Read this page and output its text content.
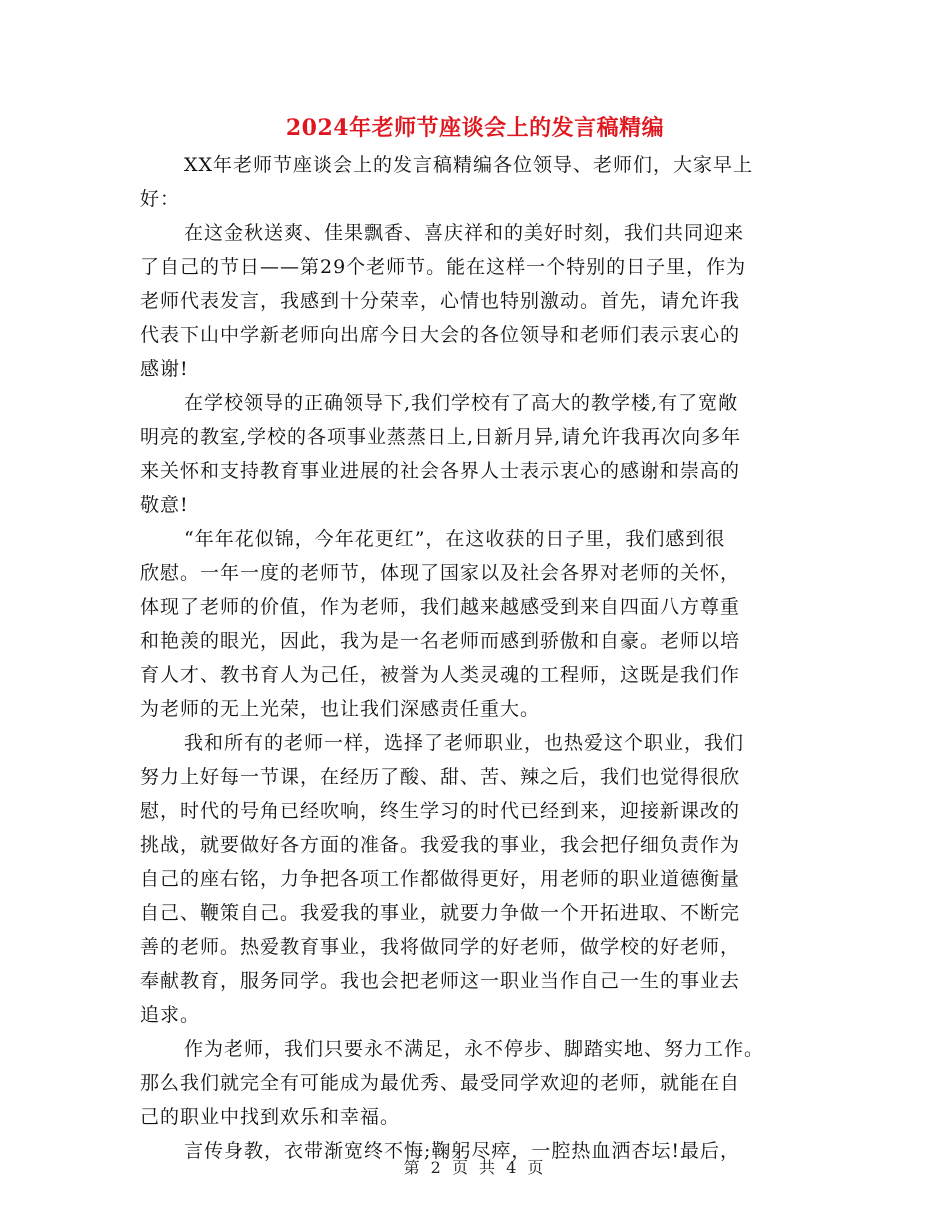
2024年老师节座谈会上的发言稿精编

XX年老师节座谈会上的发言稿精编各位领导、老师们，大家早上
好：

在这金秋送爽、佳果飘香、喜庆祥和的美好时刻，我们共同迎来
了自己的节日——第29个老师节。能在这样一个特别的日子里，作为
老师代表发言，我感到十分荣幸，心情也特别激动。首先，请允许我
代表下山中学新老师向出席今日大会的各位领导和老师们表示衷心的
感谢!

在学校领导的正确领导下,我们学校有了高大的教学楼,有了宽敞
明亮的教室,学校的各项事业蒸蒸日上,日新月异,请允许我再次向多年
来关怀和支持教育事业进展的社会各界人士表示衷心的感谢和崇高的
敬意!

“年年花似锦，今年花更红”，在这收获的日子里，我们感到很
欣慰。一年一度的老师节，体现了国家以及社会各界对老师的关怀，
体现了老师的价值，作为老师，我们越来越感受到来自四面八方尊重
和艳羡的眼光，因此，我为是一名老师而感到骄傲和自豪。老师以培
育人才、教书育人为己任，被誉为人类灵魂的工程师，这既是我们作
为老师的无上光荣，也让我们深感责任重大。

我和所有的老师一样，选择了老师职业，也热爱这个职业，我们
努力上好每一节课，在经历了酸、甜、苦、辣之后，我们也觉得很欣
慰，时代的号角已经吹响，终生学习的时代已经到来，迎接新课改的
挑战，就要做好各方面的准备。我爱我的事业，我会把仔细负责作为
自己的座右铭，力争把各项工作都做得更好，用老师的职业道德衡量
自己、鞭策自己。我爱我的事业，就要力争做一个开拓进取、不断完
善的老师。热爱教育事业，我将做同学的好老师，做学校的好老师，
奉献教育，服务同学。我也会把老师这一职业当作自己一生的事业去
追求。

作为老师，我们只要永不满足，永不停步、脚踏实地、努力工作。
那么我们就完全有可能成为最优秀、最受同学欢迎的老师，就能在自
己的职业中找到欢乐和幸福。

言传身教，衣带渐宽终不悔;鞠躬尽瘁，一腔热血洒杏坛!最后，

第 2 页 共 4 页
